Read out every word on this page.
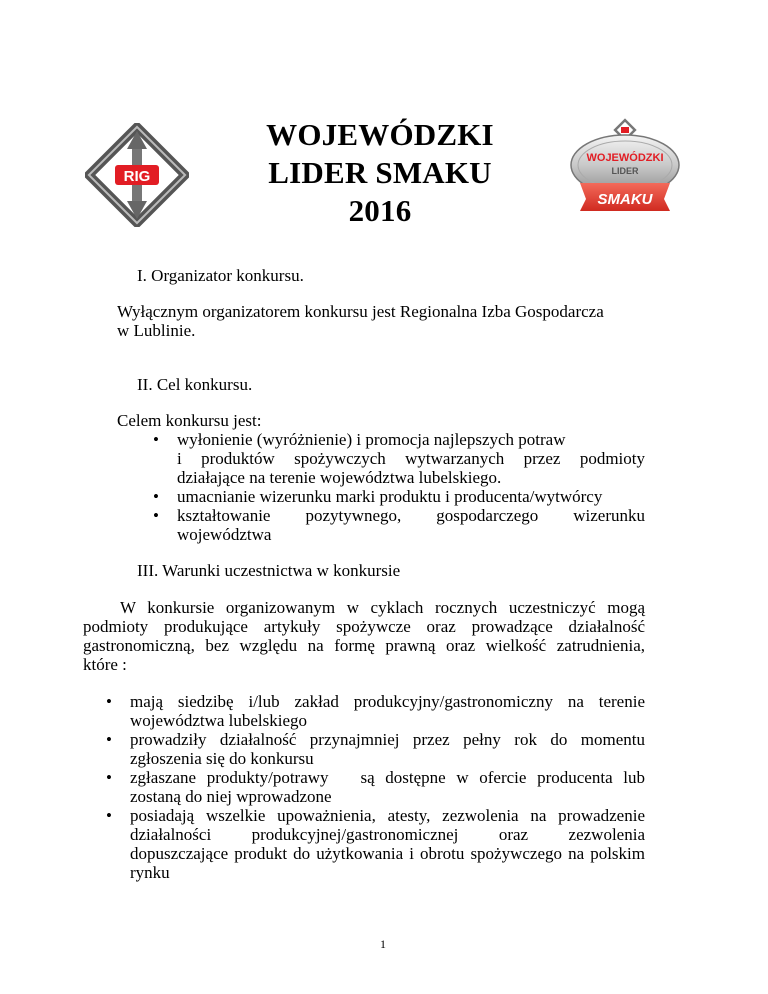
RIG
WOJEWÓDZKI
LIDER SMAKU
2016
WOJEWÓDZKI
LIDER
SMAKU
I. Organizator konkursu.
Wyłącznym organizatorem konkursu jest Regionalna Izba Gospodarcza
w Lublinie.
II. Cel konkursu.
Celem konkursu jest:
• wyłonienie (wyróżnienie) i promocja najlepszych potraw
i produktów spożywczych wytwarzanych przez podmioty
działające na terenie województwa lubelskiego.
• umacnianie wizerunku marki produktu i producenta/wytwórcy
• kształtowanie pozytywnego, gospodarczego wizerunku
województwa
III. Warunki uczestnictwa w konkursie
W konkursie organizowanym w cyklach rocznych uczestniczyć mogą
podmioty produkujące artykuły spożywcze oraz prowadzące działalność
gastronomiczną, bez względu na formę prawną oraz wielkość zatrudnienia,
które :
• mają siedzibę i/lub zakład produkcyjny/gastronomiczny na terenie
województwa lubelskiego
• prowadziły działalność przynajmniej przez pełny rok do momentu
zgłoszenia się do konkursu
• zgłaszane produkty/potrawy   są dostępne w ofercie producenta lub
zostaną do niej wprowadzone
• posiadają wszelkie upoważnienia, atesty, zezwolenia na prowadzenie
działalności produkcyjnej/gastronomicznej oraz zezwolenia
dopuszczające produkt do użytkowania i obrotu spożywczego na polskim
rynku
1
